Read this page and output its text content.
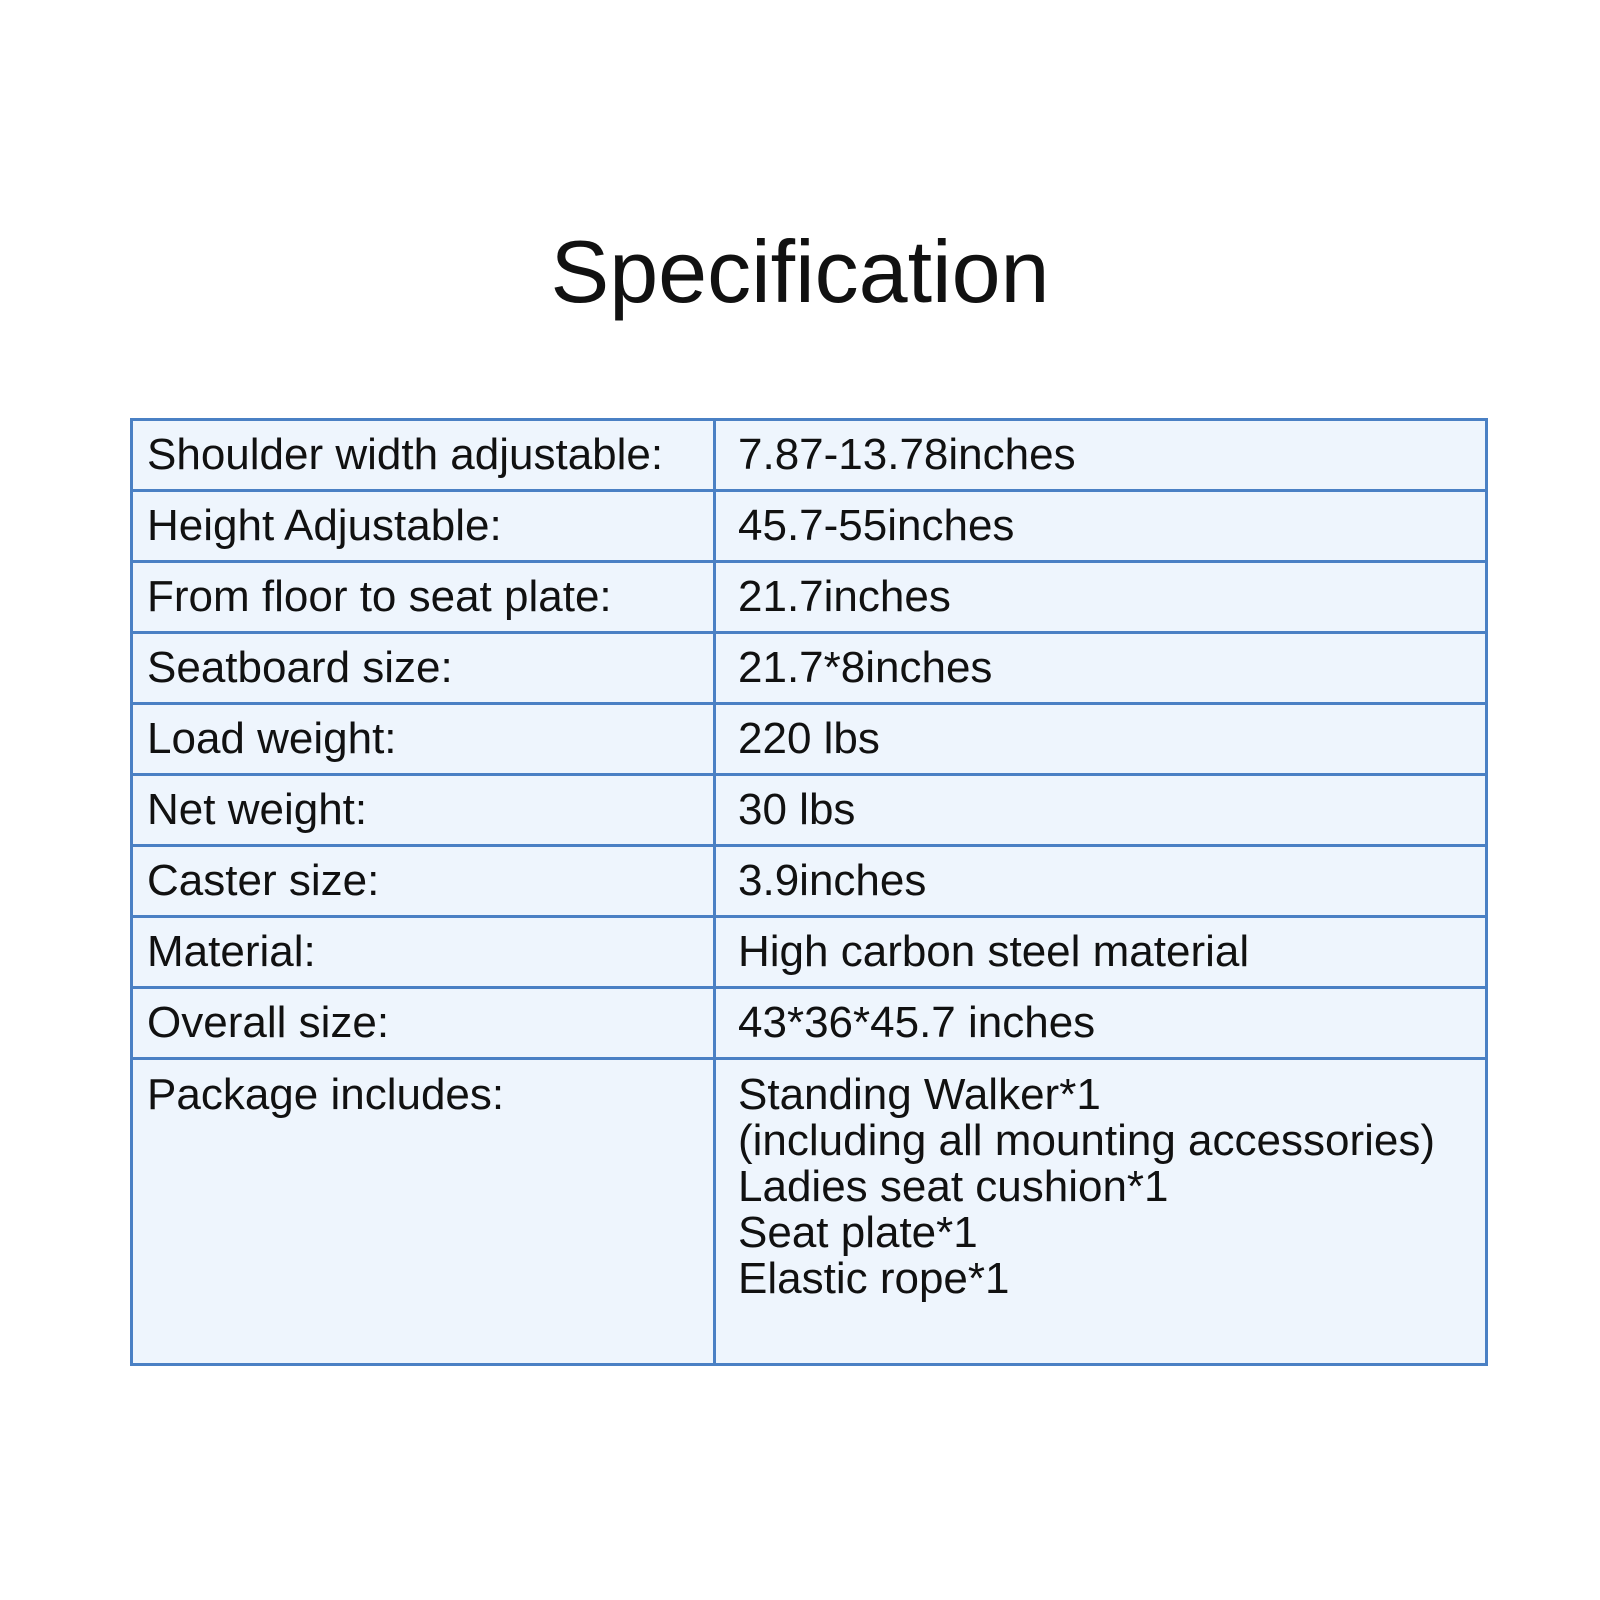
Specification
Shoulder width adjustable:	7.87-13.78inches
Height Adjustable:	45.7-55inches
From floor to seat plate:	21.7inches
Seatboard size:	21.7*8inches
Load weight:	220 lbs
Net weight:	30 lbs
Caster size:	3.9inches
Material:	High carbon steel material
Overall size:	43*36*45.7 inches
Package includes:	Standing Walker*1
(including all mounting accessories)
Ladies seat cushion*1
Seat plate*1
Elastic rope*1
